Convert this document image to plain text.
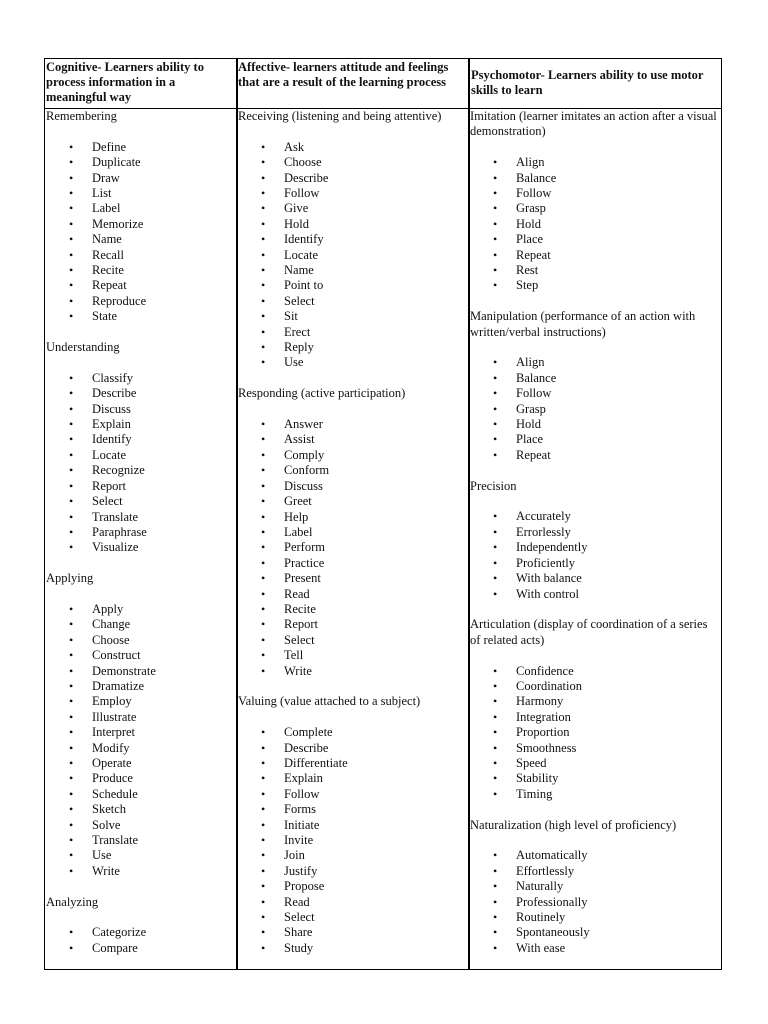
Cognitive- Learners ability to process information in a meaningful way
Affective- learners attitude and feelings that are a result of the learning process	Psychomotor- Learners ability to use motor skills to learn
Remembering
• Define
• Duplicate
• Draw
• List
• Label
• Memorize
• Name
• Recall
• Recite
• Repeat
• Reproduce
• State
Understanding
• Classify
• Describe
• Discuss
• Explain
• Identify
• Locate
• Recognize
• Report
• Select
• Translate
• Paraphrase
• Visualize
Applying
• Apply
• Change
• Choose
• Construct
• Demonstrate
• Dramatize
• Employ
• Illustrate
• Interpret
• Modify
• Operate
• Produce
• Schedule
• Sketch
• Solve
• Translate
• Use
• Write
Analyzing
• Categorize
• Compare
Receiving (listening and being attentive)
• Ask
• Choose
• Describe
• Follow
• Give
• Hold
• Identify
• Locate
• Name
• Point to
• Select
• Sit
• Erect
• Reply
• Use
Responding (active participation)
• Answer
• Assist
• Comply
• Conform
• Discuss
• Greet
• Help
• Label
• Perform
• Practice
• Present
• Read
• Recite
• Report
• Select
• Tell
• Write
Valuing (value attached to a subject)
• Complete
• Describe
• Differentiate
• Explain
• Follow
• Forms
• Initiate
• Invite
• Join
• Justify
• Propose
• Read
• Select
• Share
• Study
Imitation (learner imitates an action after a visual demonstration)
• Align
• Balance
• Follow
• Grasp
• Hold
• Place
• Repeat
• Rest
• Step
Manipulation (performance of an action with written/verbal instructions)
• Align
• Balance
• Follow
• Grasp
• Hold
• Place
• Repeat
Precision
• Accurately
• Errorlessly
• Independently
• Proficiently
• With balance
• With control
Articulation (display of coordination of a series of related acts)
• Confidence
• Coordination
• Harmony
• Integration
• Proportion
• Smoothness
• Speed
• Stability
• Timing
Naturalization (high level of proficiency)
• Automatically
• Effortlessly
• Naturally
• Professionally
• Routinely
• Spontaneously
• With ease
